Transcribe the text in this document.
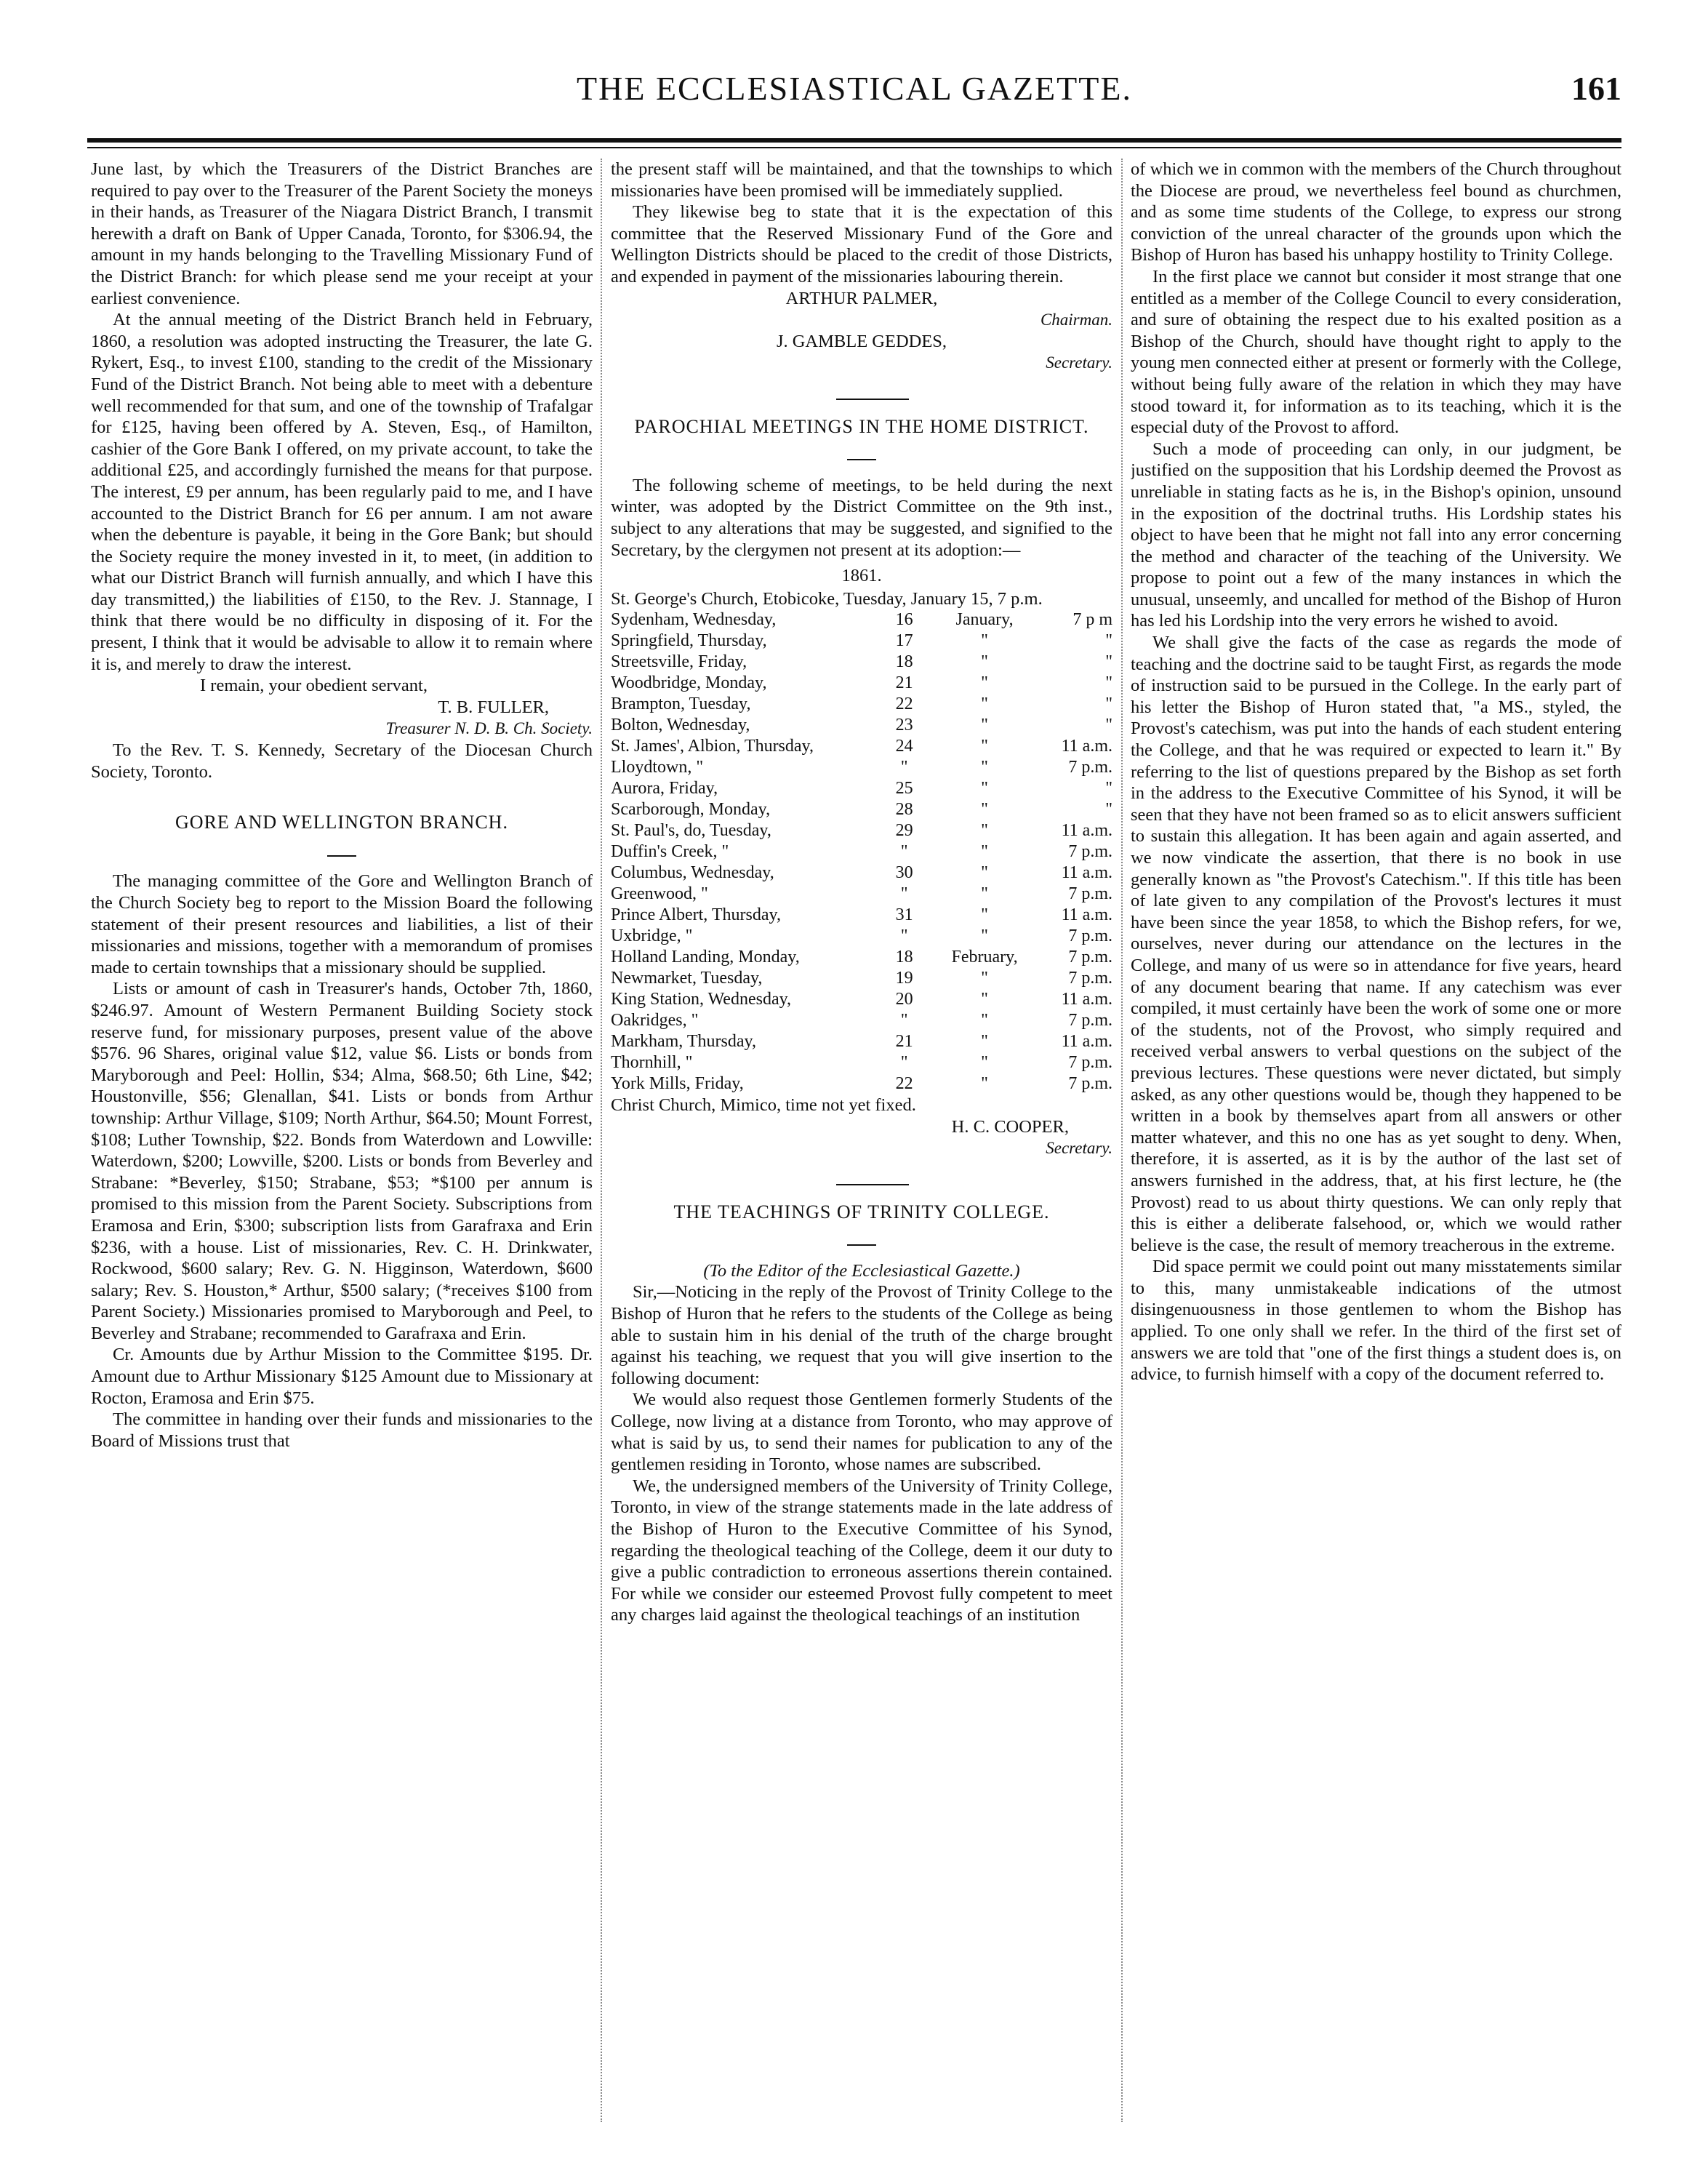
THE ECCLESIASTICAL GAZETTE.	161

June last, by which the Treasurers of the District Branches are required to pay over to the Treasurer of the Parent Society the moneys in their hands, as Treasurer of the Niagara District Branch, I transmit herewith a draft on Bank of Upper Canada, Toronto, for $306.94, the amount in my hands belonging to the Travelling Missionary Fund of the District Branch: for which please send me your receipt at your earliest convenience.

At the annual meeting of the District Branch held in February, 1860, a resolution was adopted instructing the Treasurer, the late G. Rykert, Esq., to invest £100, standing to the credit of the Missionary Fund of the District Branch. Not being able to meet with a debenture well recommended for that sum, and one of the township of Trafalgar for £125, having been offered by A. Steven, Esq., of Hamilton, cashier of the Gore Bank I offered, on my private account, to take the additional £25, and accordingly furnished the means for that purpose. The interest, £9 per annum, has been regularly paid to me, and I have accounted to the District Branch for £6 per annum. I am not aware when the debenture is payable, it being in the Gore Bank; but should the Society require the money invested in it, to meet, (in addition to what our District Branch will furnish annually, and which I have this day transmitted,) the liabilities of £150, to the Rev. J. Stannage, I think that there would be no difficulty in disposing of it. For the present, I think that it would be advisable to allow it to remain where it is, and merely to draw the interest.

I remain, your obedient servant,

T. B. FULLER,

Treasurer N. D. B. Ch. Society.

To the Rev. T. S. Kennedy, Secretary of the Diocesan Church Society, Toronto.

GORE AND WELLINGTON BRANCH.

The managing committee of the Gore and Wellington Branch of the Church Society beg to report to the Mission Board the following statement of their present resources and liabilities, a list of their missionaries and missions, together with a memorandum of promises made to certain townships that a missionary should be supplied.

Lists or amount of cash in Treasurer's hands, October 7th, 1860, $246.97. Amount of Western Permanent Building Society stock reserve fund, for missionary purposes, present value of the above $576. 96 Shares, original value $12, value $6. Lists or bonds from Maryborough and Peel: Hollin, $34; Alma, $68.50; 6th Line, $42; Houstonville, $56; Glenallan, $41. Lists or bonds from Arthur township: Arthur Village, $109; North Arthur, $64.50; Mount Forrest, $108; Luther Township, $22. Bonds from Waterdown and Lowville: Waterdown, $200; Lowville, $200. Lists or bonds from Beverley and Strabane: *Beverley, $150; Strabane, $53; *$100 per annum is promised to this mission from the Parent Society. Subscriptions from Eramosa and Erin, $300; subscription lists from Garafraxa and Erin $236, with a house. List of missionaries, Rev. C. H. Drinkwater, Rockwood, $600 salary; Rev. G. N. Higginson, Waterdown, $600 salary; Rev. S. Houston,* Arthur, $500 salary; (*receives $100 from Parent Society.) Missionaries promised to Maryborough and Peel, to Beverley and Strabane; recommended to Garafraxa and Erin.

Cr. Amounts due by Arthur Mission to the Committee $195. Dr. Amount due to Arthur Missionary $125 Amount due to Missionary at Rocton, Eramosa and Erin $75.

The committee in handing over their funds and missionaries to the Board of Missions trust that

the present staff will be maintained, and that the townships to which missionaries have been promised will be immediately supplied.

They likewise beg to state that it is the expectation of this committee that the Reserved Missionary Fund of the Gore and Wellington Districts should be placed to the credit of those Districts, and expended in payment of the missionaries labouring therein.

ARTHUR PALMER,

Chairman.

J. GAMBLE GEDDES,

Secretary.

PAROCHIAL MEETINGS IN THE HOME DISTRICT.

The following scheme of meetings, to be held during the next winter, was adopted by the District Committee on the 9th inst., subject to any alterations that may be suggested, and signified to the Secretary, by the clergymen not present at its adoption:—

1861.

St. George's Church, Etobicoke, Tuesday, January 15, 7 p.m.

Sydenham, Wednesday,	16	January,	7 p m
Springfield, Thursday,	17	"	"
Streetsville, Friday,	18	"	"
Woodbridge, Monday,	21	"	"
Brampton, Tuesday,	22	"	"
Bolton, Wednesday,	23	"	"
St. James', Albion, Thursday,	24	"	11 a.m.
Lloydtown, "	"	"	7 p.m.
Aurora, Friday,	25	"	"
Scarborough, Monday,	28	"	"
St. Paul's, do, Tuesday,	29	"	11 a.m.
Duffin's Creek, "	"	"	7 p.m.
Columbus, Wednesday,	30	"	11 a.m.
Greenwood, "	"	"	7 p.m.
Prince Albert, Thursday,	31	"	11 a.m.
Uxbridge, "	"	"	7 p.m.
Holland Landing, Monday,	18	February,	7 p.m.
Newmarket, Tuesday,	19	"	7 p.m.
King Station, Wednesday,	20	"	11 a.m.
Oakridges, "	"	"	7 p.m.
Markham, Thursday,	21	"	11 a.m.
Thornhill, "	"	"	7 p.m.
York Mills, Friday,	22	"	7 p.m.

Christ Church, Mimico, time not yet fixed.

H. C. COOPER,

Secretary.

THE TEACHINGS OF TRINITY COLLEGE.

(To the Editor of the Ecclesiastical Gazette.)

Sir,—Noticing in the reply of the Provost of Trinity College to the Bishop of Huron that he refers to the students of the College as being able to sustain him in his denial of the truth of the charge brought against his teaching, we request that you will give insertion to the following document:

We would also request those Gentlemen formerly Students of the College, now living at a distance from Toronto, who may approve of what is said by us, to send their names for publication to any of the gentlemen residing in Toronto, whose names are subscribed.

We, the undersigned members of the University of Trinity College, Toronto, in view of the strange statements made in the late address of the Bishop of Huron to the Executive Committee of his Synod, regarding the theological teaching of the College, deem it our duty to give a public contradiction to erroneous assertions therein contained. For while we consider our esteemed Provost fully competent to meet any charges laid against the theological teachings of an institution

of which we in common with the members of the Church throughout the Diocese are proud, we nevertheless feel bound as churchmen, and as some time students of the College, to express our strong conviction of the unreal character of the grounds upon which the Bishop of Huron has based his unhappy hostility to Trinity College.

In the first place we cannot but consider it most strange that one entitled as a member of the College Council to every consideration, and sure of obtaining the respect due to his exalted position as a Bishop of the Church, should have thought right to apply to the young men connected either at present or formerly with the College, without being fully aware of the relation in which they may have stood toward it, for information as to its teaching, which it is the especial duty of the Provost to afford.

Such a mode of proceeding can only, in our judgment, be justified on the supposition that his Lordship deemed the Provost as unreliable in stating facts as he is, in the Bishop's opinion, unsound in the exposition of the doctrinal truths. His Lordship states his object to have been that he might not fall into any error concerning the method and character of the teaching of the University. We propose to point out a few of the many instances in which the unusual, unseemly, and uncalled for method of the Bishop of Huron has led his Lordship into the very errors he wished to avoid.

We shall give the facts of the case as regards the mode of teaching and the doctrine said to be taught First, as regards the mode of instruction said to be pursued in the College. In the early part of his letter the Bishop of Huron stated that, "a MS., styled, the Provost's catechism, was put into the hands of each student entering the College, and that he was required or expected to learn it." By referring to the list of questions prepared by the Bishop as set forth in the address to the Executive Committee of his Synod, it will be seen that they have not been framed so as to elicit answers sufficient to sustain this allegation. It has been again and again asserted, and we now vindicate the assertion, that there is no book in use generally known as "the Provost's Catechism.". If this title has been of late given to any compilation of the Provost's lectures it must have been since the year 1858, to which the Bishop refers, for we, ourselves, never during our attendance on the lectures in the College, and many of us were so in attendance for five years, heard of any document bearing that name. If any catechism was ever compiled, it must certainly have been the work of some one or more of the students, not of the Provost, who simply required and received verbal answers to verbal questions on the subject of the previous lectures. These questions were never dictated, but simply asked, as any other questions would be, though they happened to be written in a book by themselves apart from all answers or other matter whatever, and this no one has as yet sought to deny. When, therefore, it is asserted, as it is by the author of the last set of answers furnished in the address, that, at his first lecture, he (the Provost) read to us about thirty questions. We can only reply that this is either a deliberate falsehood, or, which we would rather believe is the case, the result of memory treacherous in the extreme.

Did space permit we could point out many misstatements similar to this, many unmistakeable indications of the utmost disingenuousness in those gentlemen to whom the Bishop has applied. To one only shall we refer. In the third of the first set of answers we are told that "one of the first things a student does is, on advice, to furnish himself with a copy of the document referred to.
